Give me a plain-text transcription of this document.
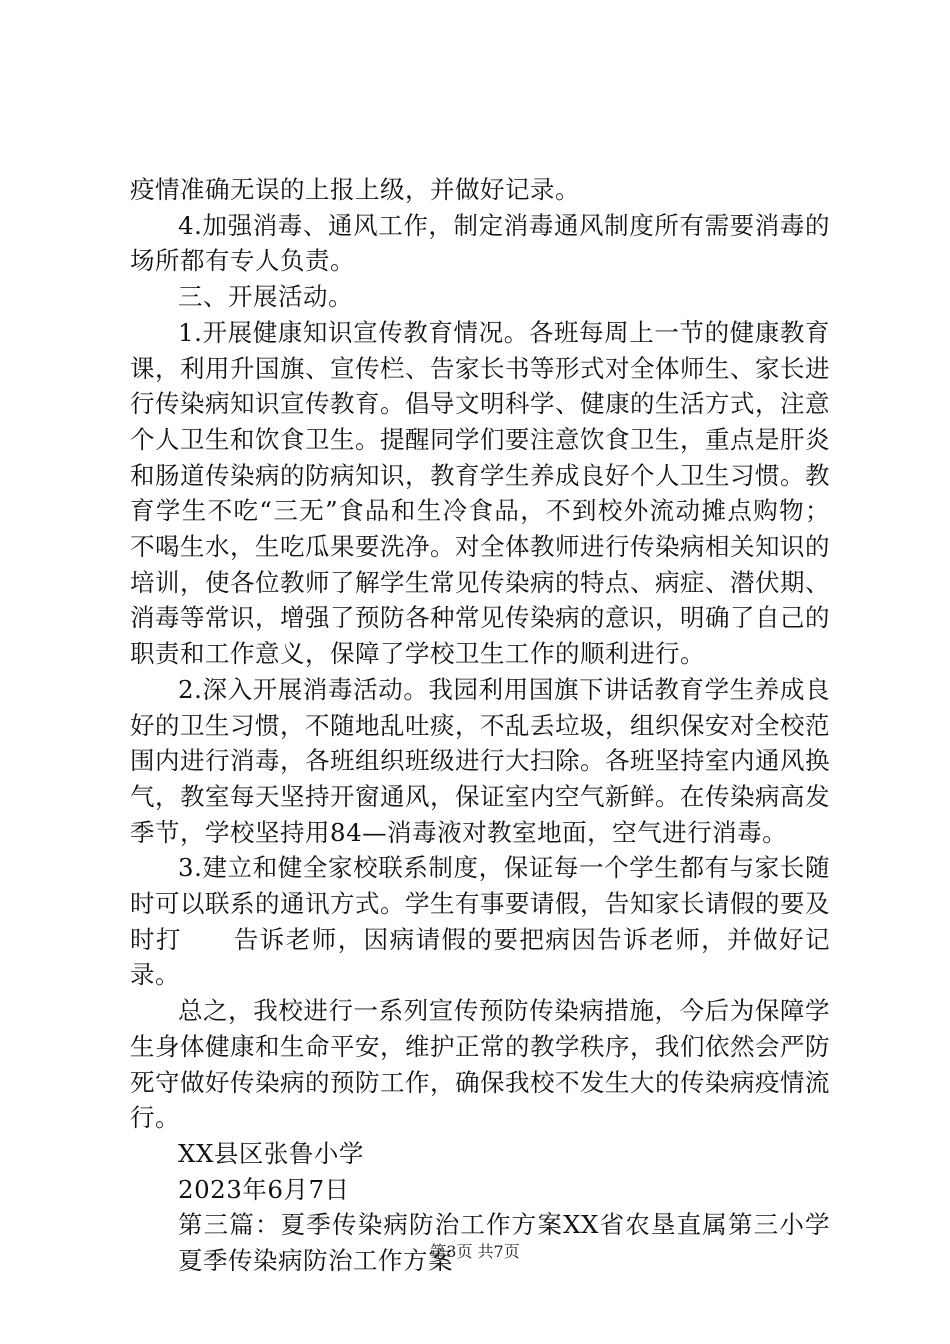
疫情准确无误的上报上级，并做好记录。

4.加强消毒、通风工作，制定消毒通风制度所有需要消毒的场所都有专人负责。

三、开展活动。

1.开展健康知识宣传教育情况。各班每周上一节的健康教育课，利用升国旗、宣传栏、告家长书等形式对全体师生、家长进行传染病知识宣传教育。倡导文明科学、健康的生活方式，注意个人卫生和饮食卫生。提醒同学们要注意饮食卫生，重点是肝炎和肠道传染病的防病知识，教育学生养成良好个人卫生习惯。教育学生不吃“三无”食品和生冷食品，不到校外流动摊点购物；不喝生水，生吃瓜果要洗净。对全体教师进行传染病相关知识的培训，使各位教师了解学生常见传染病的特点、病症、潜伏期、消毒等常识，增强了预防各种常见传染病的意识，明确了自己的职责和工作意义，保障了学校卫生工作的顺利进行。

2.深入开展消毒活动。我园利用国旗下讲话教育学生养成良好的卫生习惯，不随地乱吐痰，不乱丢垃圾，组织保安对全校范围内进行消毒，各班组织班级进行大扫除。各班坚持室内通风换气，教室每天坚持开窗通风，保证室内空气新鲜。在传染病高发季节，学校坚持用84—消毒液对教室地面，空气进行消毒。

3.建立和健全家校联系制度，保证每一个学生都有与家长随时可以联系的通讯方式。学生有事要请假，告知家长请假的要及时打　　告诉老师，因病请假的要把病因告诉老师，并做好记录。

总之，我校进行一系列宣传预防传染病措施，今后为保障学生身体健康和生命平安，维护正常的教学秩序，我们依然会严防死守做好传染病的预防工作，确保我校不发生大的传染病疫情流行。

XX县区张鲁小学

2023年6月7日

第三篇：夏季传染病防治工作方案XX省农垦直属第三小学夏季传染病防治工作方案

第3页 共7页
